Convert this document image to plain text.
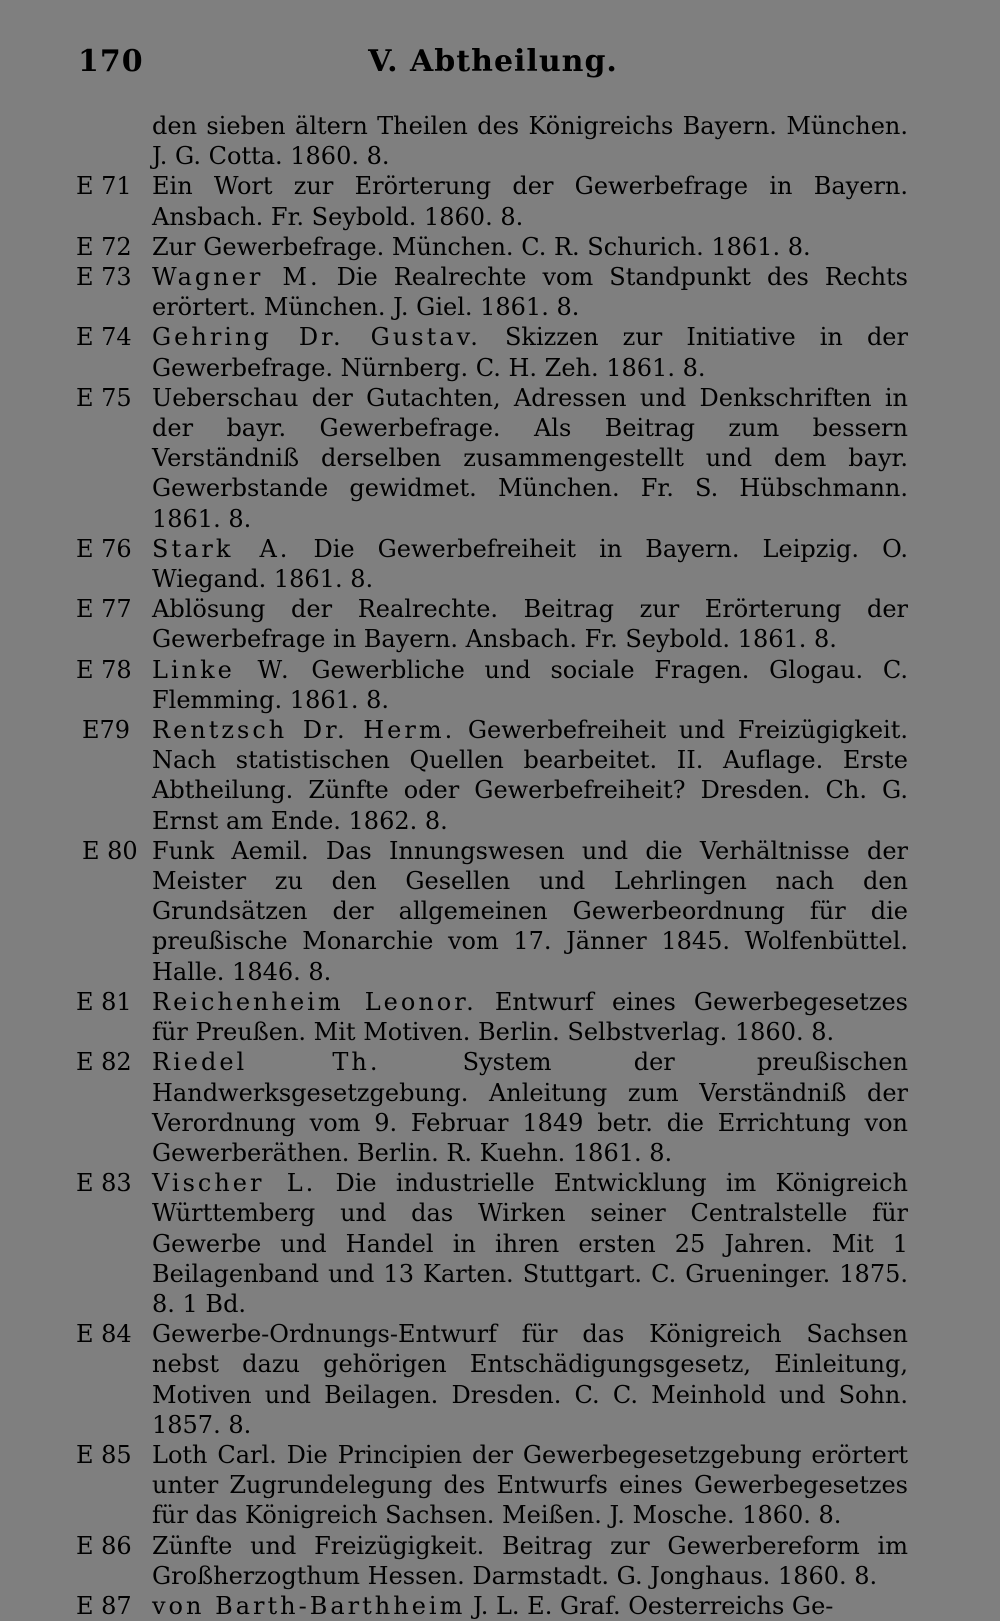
170	V. Abtheilung.
den sieben ältern Theilen des Königreichs Bayern. München. J. G. Cotta. 1860. 8.
E 71 Ein Wort zur Erörterung der Gewerbefrage in Bayern. Ansbach. Fr. Seybold. 1860. 8.
E 72 Zur Gewerbefrage. München. C. R. Schurich. 1861. 8.
E 73 Wagner M. Die Realrechte vom Standpunkt des Rechts erörtert. München. J. Giel. 1861. 8.
E 74 Gehring Dr. Gustav. Skizzen zur Initiative in der Gewerbefrage. Nürnberg. C. H. Zeh. 1861. 8.
E 75 Ueberschau der Gutachten, Adressen und Denkschriften in der bayr. Gewerbefrage. Als Beitrag zum bessern Verständniß derselben zusammengestellt und dem bayr. Gewerbstande gewidmet. München. Fr. S. Hübschmann. 1861. 8.
E 76 Stark A. Die Gewerbefreiheit in Bayern. Leipzig. O. Wiegand. 1861. 8.
E 77 Ablösung der Realrechte. Beitrag zur Erörterung der Gewerbefrage in Bayern. Ansbach. Fr. Seybold. 1861. 8.
E 78 Linke W. Gewerbliche und sociale Fragen. Glogau. C. Flemming. 1861. 8.
E79 Rentzsch Dr. Herm. Gewerbefreiheit und Freizügigkeit. Nach statistischen Quellen bearbeitet. II. Auflage. Erste Abtheilung. Zünfte oder Gewerbefreiheit? Dresden. Ch. G. Ernst am Ende. 1862. 8.
E 80 Funk Aemil. Das Innungswesen und die Verhältnisse der Meister zu den Gesellen und Lehrlingen nach den Grundsätzen der allgemeinen Gewerbeordnung für die preußische Monarchie vom 17. Jänner 1845. Wolfenbüttel. Halle. 1846. 8.
E 81 Reichenheim Leonor. Entwurf eines Gewerbegesetzes für Preußen. Mit Motiven. Berlin. Selbstverlag. 1860. 8.
E 82 Riedel Th. System der preußischen Handwerksgesetzgebung. Anleitung zum Verständniß der Verordnung vom 9. Februar 1849 betr. die Errichtung von Gewerberäthen. Berlin. R. Kuehn. 1861. 8.
E 83 Vischer L. Die industrielle Entwicklung im Königreich Württemberg und das Wirken seiner Centralstelle für Gewerbe und Handel in ihren ersten 25 Jahren. Mit 1 Beilagenband und 13 Karten. Stuttgart. C. Grueninger. 1875. 8. 1 Bd.
E 84 Gewerbe-Ordnungs-Entwurf für das Königreich Sachsen nebst dazu gehörigen Entschädigungsgesetz, Einleitung, Motiven und Beilagen. Dresden. C. C. Meinhold und Sohn. 1857. 8.
E 85 Loth Carl. Die Principien der Gewerbegesetzgebung erörtert unter Zugrundelegung des Entwurfs eines Gewerbegesetzes für das Königreich Sachsen. Meißen. J. Mosche. 1860. 8.
E 86 Zünfte und Freizügigkeit. Beitrag zur Gewerbereform im Großherzogthum Hessen. Darmstadt. G. Jonghaus. 1860. 8.
E 87 von Barth-Barthheim J. L. E. Graf. Oesterreichs Ge-
